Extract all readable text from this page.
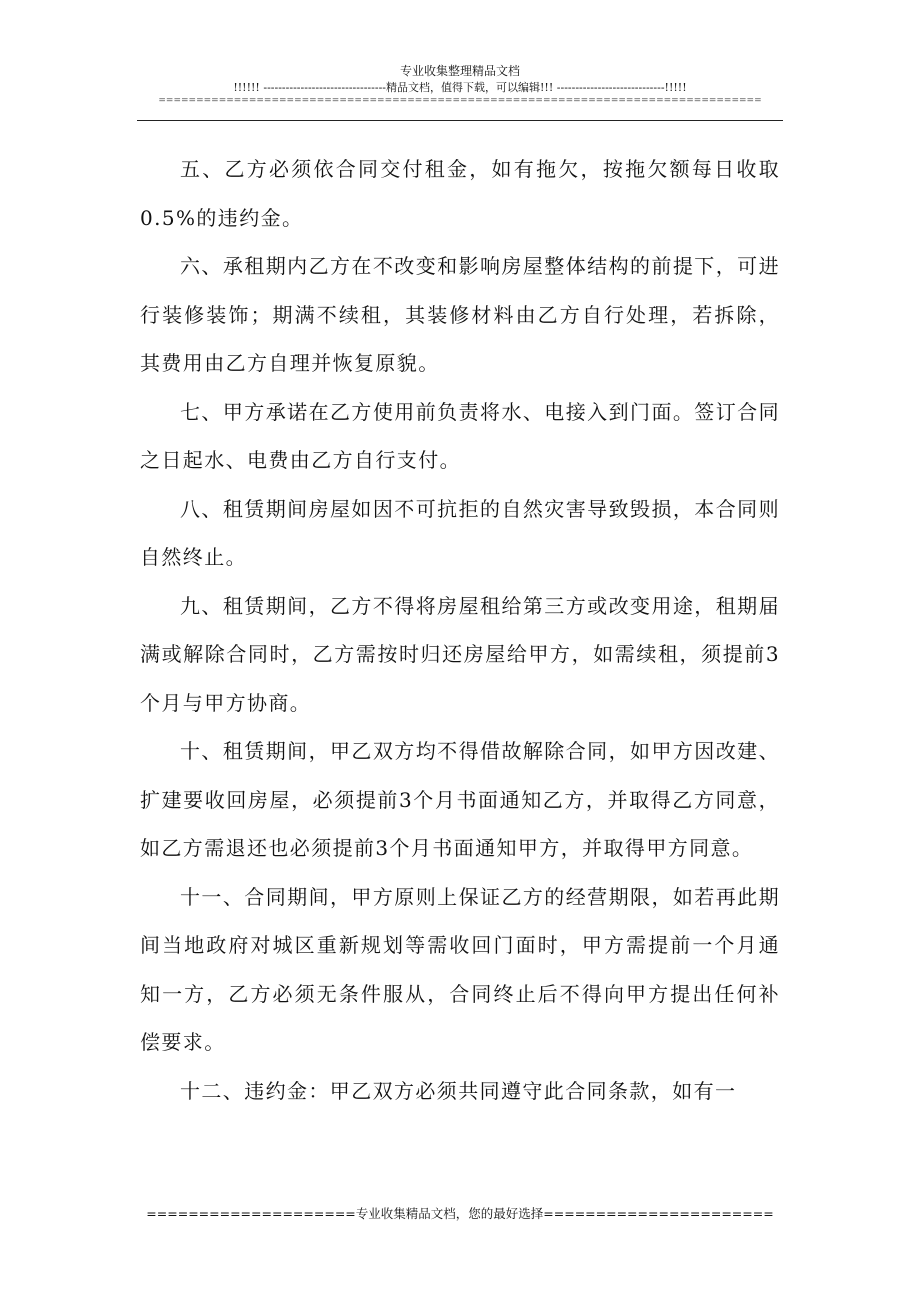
专业收集整理精品文档
!!!!!! ---------------------------------精品文档，值得下载，可以编辑!!! -----------------------------!!!!!
================================================================================

五、乙方必须依合同交付租金，如有拖欠，按拖欠额每日收取0.5%的违约金。

六、承租期内乙方在不改变和影响房屋整体结构的前提下，可进行装修装饰；期满不续租，其装修材料由乙方自行处理，若拆除，其费用由乙方自理并恢复原貌。

七、甲方承诺在乙方使用前负责将水、电接入到门面。签订合同之日起水、电费由乙方自行支付。

八、租赁期间房屋如因不可抗拒的自然灾害导致毁损，本合同则自然终止。

九、租赁期间，乙方不得将房屋租给第三方或改变用途，租期届满或解除合同时，乙方需按时归还房屋给甲方，如需续租，须提前3个月与甲方协商。

十、租赁期间，甲乙双方均不得借故解除合同，如甲方因改建、扩建要收回房屋，必须提前3个月书面通知乙方，并取得乙方同意，如乙方需退还也必须提前3个月书面通知甲方，并取得甲方同意。

十一、合同期间，甲方原则上保证乙方的经营期限，如若再此期间当地政府对城区重新规划等需收回门面时，甲方需提前一个月通知一方，乙方必须无条件服从，合同终止后不得向甲方提出任何补偿要求。

十二、违约金：甲乙双方必须共同遵守此合同条款，如有一

====================专业收集精品文档，您的最好选择======================
